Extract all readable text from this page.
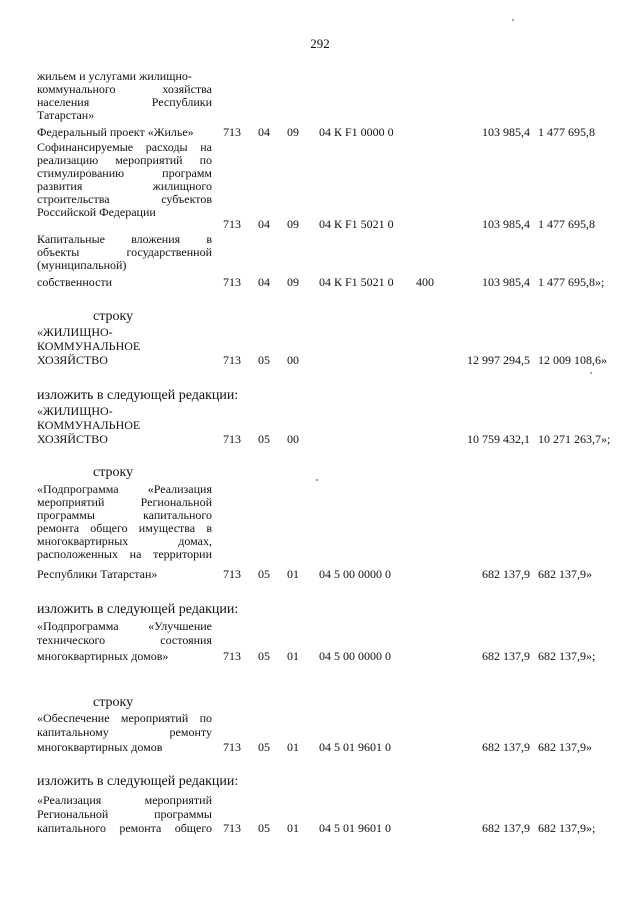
292
жильем и услугами жилищно-
коммунального хозяйства
населения Республики
Татарстан»
Федеральный проект «Жилье» 713 04 09 04 К F1 0000 0	103 985,4 1 477 695,8
Софинансируемые расходы на
реализацию мероприятий по
стимулированию программ
развития жилищного
строительства субъектов
Российской Федерации
713 04 09 04 К F1 5021 0	103 985,4 1 477 695,8
Капитальные вложения в
объекты государственной
(муниципальной)
собственности	713 04 09 04 К F1 5021 0 400	103 985,4 1 477 695,8»;
строку
«ЖИЛИЩНО-
КОММУНАЛЬНОЕ
ХОЗЯЙСТВО	713 05 00	12 997 294,5 12 009 108,6»
изложить в следующей редакции:
«ЖИЛИЩНО-
КОММУНАЛЬНОЕ
ХОЗЯЙСТВО	713 05 00	10 759 432,1 10 271 263,7»;
строку
«Подпрограмма «Реализация
мероприятий Региональной
программы капитального
ремонта общего имущества в
многоквартирных домах,
расположенных на территории
Республики Татарстан»	713 05 01 04 5 00 0000 0	682 137,9 682 137,9»
изложить в следующей редакции:
«Подпрограмма «Улучшение
технического состояния
многоквартирных домов»	713 05 01 04 5 00 0000 0	682 137,9 682 137,9»;
строку
«Обеспечение мероприятий по
капитальному ремонту
многоквартирных домов	713 05 01 04 5 01 9601 0	682 137,9 682 137,9»
изложить в следующей редакции:
«Реализация мероприятий
Региональной программы
капитального ремонта общего 713 05 01 04 5 01 9601 0	682 137,9 682 137,9»;
